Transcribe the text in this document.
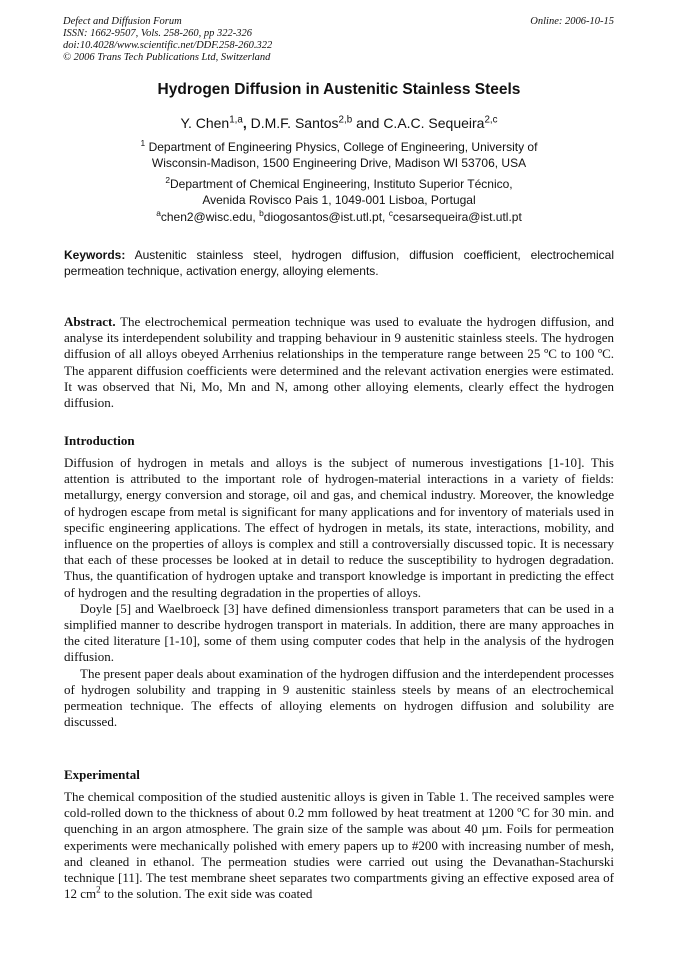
Defect and Diffusion Forum
ISSN: 1662-9507, Vols. 258-260, pp 322-326
doi:10.4028/www.scientific.net/DDF.258-260.322
© 2006 Trans Tech Publications Ltd, Switzerland
Online: 2006-10-15
Hydrogen Diffusion in Austenitic Stainless Steels
Y. Chen$^{1,a}$, D.M.F. Santos$^{2,b}$ and C.A.C. Sequeira$^{2,c}$
$^1$ Department of Engineering Physics, College of Engineering, University of
Wisconsin-Madison, 1500 Engineering Drive, Madison WI 53706, USA
$^2$Department of Chemical Engineering, Instituto Superior Técnico,
Avenida Rovisco Pais 1, 1049-001 Lisboa, Portugal
$^a$chen2@wisc.edu, $^b$diogosantos@ist.utl.pt, $^c$cesarsequeira@ist.utl.pt
Keywords: Austenitic stainless steel, hydrogen diffusion, diffusion coefficient, electrochemical permeation technique, activation energy, alloying elements.
Abstract. The electrochemical permeation technique was used to evaluate the hydrogen diffusion, and analyse its interdependent solubility and trapping behaviour in 9 austenitic stainless steels. The hydrogen diffusion of all alloys obeyed Arrhenius relationships in the temperature range between 25 ºC to 100 ºC. The apparent diffusion coefficients were determined and the relevant activation energies were estimated. It was observed that Ni, Mo, Mn and N, among other alloying elements, clearly effect the hydrogen diffusion.
Introduction

Diffusion of hydrogen in metals and alloys is the subject of numerous investigations [1-10]. This attention is attributed to the important role of hydrogen-material interactions in a variety of fields: metallurgy, energy conversion and storage, oil and gas, and chemical industry. Moreover, the knowledge of hydrogen escape from metal is significant for many applications and for inventory of materials used in specific engineering applications. The effect of hydrogen in metals, its state, interactions, mobility, and influence on the properties of alloys is complex and still a controversially discussed topic. It is necessary that each of these processes be looked at in detail to reduce the susceptibility to hydrogen degradation. Thus, the quantification of hydrogen uptake and transport knowledge is important in predicting the effect of hydrogen and the resulting degradation in the properties of alloys.

Doyle [5] and Waelbroeck [3] have defined dimensionless transport parameters that can be used in a simplified manner to describe hydrogen transport in materials. In addition, there are many approaches in the cited literature [1-10], some of them using computer codes that help in the analysis of the hydrogen diffusion.

The present paper deals about examination of the hydrogen diffusion and the interdependent processes of hydrogen solubility and trapping in 9 austenitic stainless steels by means of an electrochemical permeation technique. The effects of alloying elements on hydrogen diffusion and solubility are discussed.

Experimental
The chemical composition of the studied austenitic alloys is given in Table 1. The received samples were cold-rolled down to the thickness of about 0.2 mm followed by heat treatment at 1200 ºC for 30 min. and quenching in an argon atmosphere. The grain size of the sample was about 40 µm. Foils for permeation experiments were mechanically polished with emery papers up to #200 with increasing number of mesh, and cleaned in ethanol. The permeation studies were carried out using the Devanathan-Stachurski technique [11]. The test membrane sheet separates two compartments giving an effective exposed area of 12 $cm^2$ to the solution. The exit side was coated
